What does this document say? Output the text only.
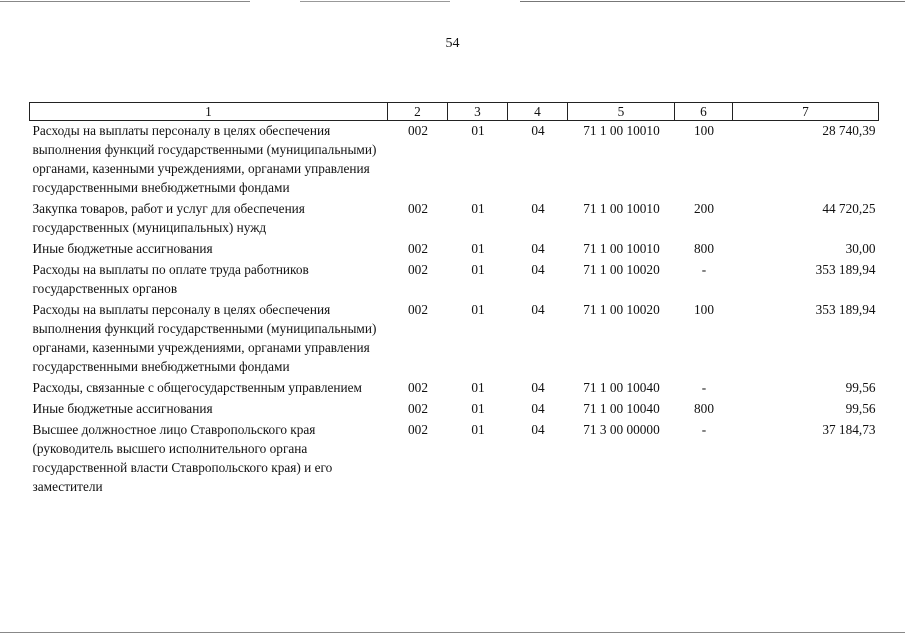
54
1	2	3	4	5	6	7
Расходы на выплаты персоналу в целях обеспечения выполнения функций государственными (муниципальными) органами, казенными учреждениями, органами управления государственными внебюджетными фондами	002	01	04	71 1 00 10010	100	28 740,39
Закупка товаров, работ и услуг для обеспечения государственных (муниципальных) нужд	002	01	04	71 1 00 10010	200	44 720,25
Иные бюджетные ассигнования	002	01	04	71 1 00 10010	800	30,00
Расходы на выплаты по оплате труда работников государственных органов	002	01	04	71 1 00 10020	-	353 189,94
Расходы на выплаты персоналу в целях обеспечения выполнения функций государственными (муниципальными) органами, казенными учреждениями, органами управления государственными внебюджетными фондами	002	01	04	71 1 00 10020	100	353 189,94
Расходы, связанные с общегосударственным управлением	002	01	04	71 1 00 10040	-	99,56
Иные бюджетные ассигнования	002	01	04	71 1 00 10040	800	99,56
Высшее должностное лицо Ставропольского края (руководитель высшего исполнительного органа государственной власти Ставропольского края) и его заместители	002	01	04	71 3 00 00000	-	37 184,73
